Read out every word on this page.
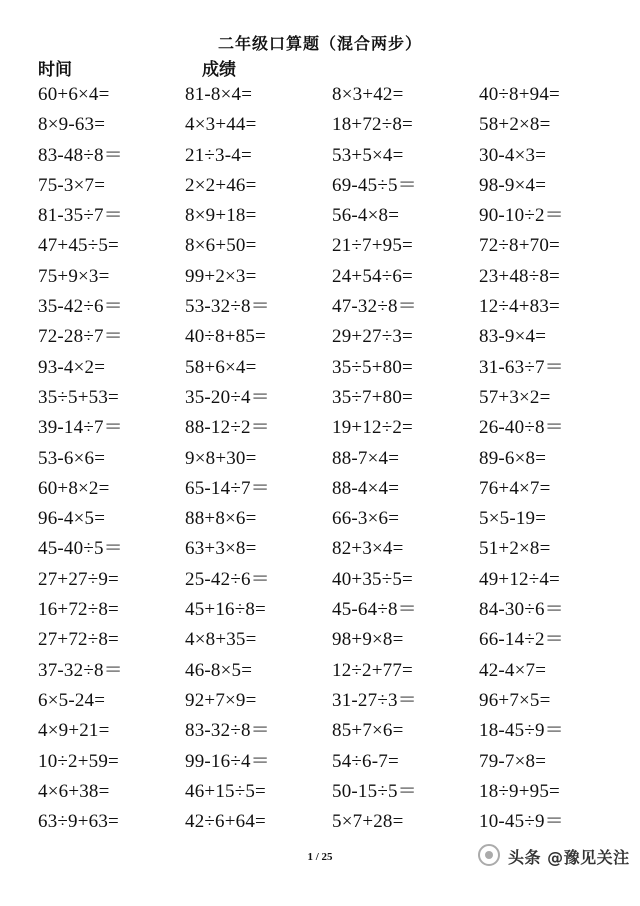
二年级口算题（混合两步）
时间	成绩
60+6×4=	81-8×4=	8×3+42=	40÷8+94=
8×9-63=	4×3+44=	18+72÷8=	58+2×8=
83-48÷8＝	21÷3-4=	53+5×4=	30-4×3=
75-3×7=	2×2+46=	69-45÷5＝	98-9×4=
81-35÷7＝	8×9+18=	56-4×8=	90-10÷2＝
47+45÷5=	8×6+50=	21÷7+95=	72÷8+70=
75+9×3=	99+2×3=	24+54÷6=	23+48÷8=
35-42÷6＝	53-32÷8＝	47-32÷8＝	12÷4+83=
72-28÷7＝	40÷8+85=	29+27÷3=	83-9×4=
93-4×2=	58+6×4=	35÷5+80=	31-63÷7＝
35÷5+53=	35-20÷4＝	35÷7+80=	57+3×2=
39-14÷7＝	88-12÷2＝	19+12÷2=	26-40÷8＝
53-6×6=	9×8+30=	88-7×4=	89-6×8=
60+8×2=	65-14÷7＝	88-4×4=	76+4×7=
96-4×5=	88+8×6=	66-3×6=	5×5-19=
45-40÷5＝	63+3×8=	82+3×4=	51+2×8=
27+27÷9=	25-42÷6＝	40+35÷5=	49+12÷4=
16+72÷8=	45+16÷8=	45-64÷8＝	84-30÷6＝
27+72÷8=	4×8+35=	98+9×8=	66-14÷2＝
37-32÷8＝	46-8×5=	12÷2+77=	42-4×7=
6×5-24=	92+7×9=	31-27÷3＝	96+7×5=
4×9+21=	83-32÷8＝	85+7×6=	18-45÷9＝
10÷2+59=	99-16÷4＝	54÷6-7=	79-7×8=
4×6+38=	46+15÷5=	50-15÷5＝	18÷9+95=
63÷9+63=	42÷6+64=	5×7+28=	10-45÷9＝
1 / 25	头条 @豫见关注
